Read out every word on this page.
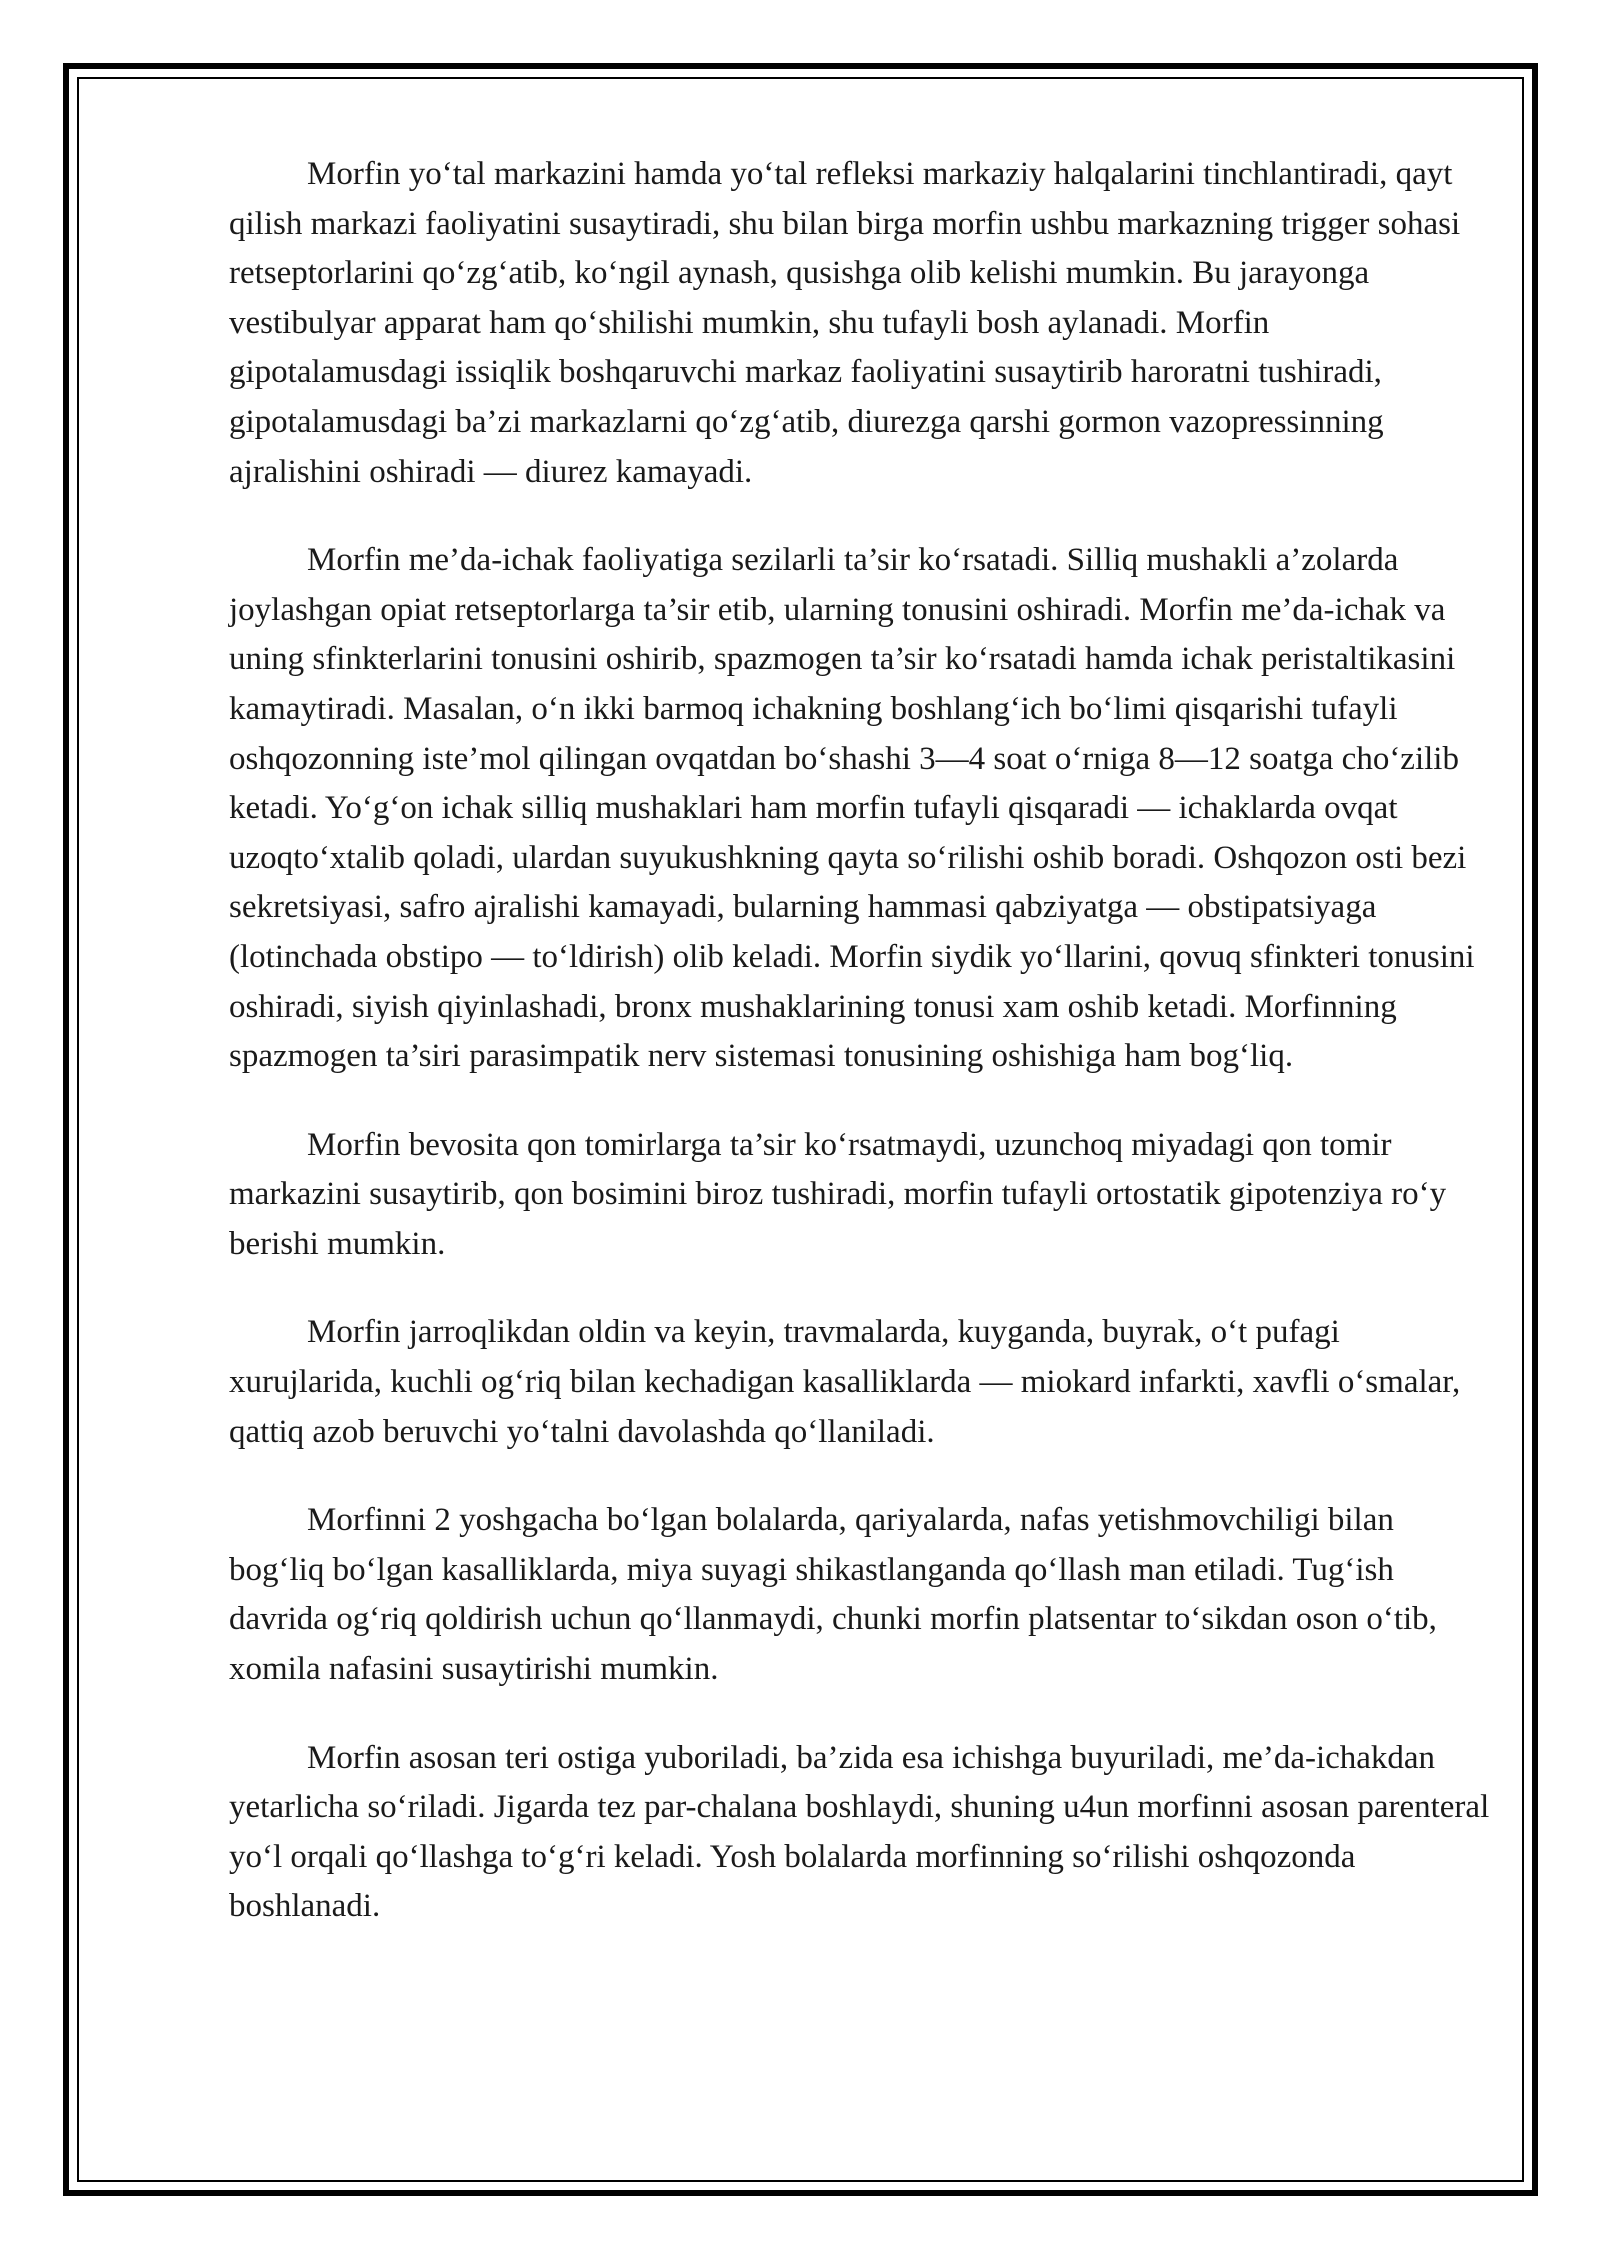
Morfin yo‘tal markazini hamda yo‘tal refleksi markaziy halqalarini tinchlantiradi, qayt qilish markazi faoliyatini susaytiradi, shu bilan birga morfin ushbu markazning trigger sohasi retseptorlarini qo‘zg‘atib, ko‘ngil aynash, qusishga olib kelishi mumkin. Bu jarayonga vestibulyar apparat ham qo‘shilishi mumkin, shu tufayli bosh aylanadi. Morfin gipotalamusdagi issiqlik boshqaruvchi markaz faoliyatini susaytirib haroratni tushiradi, gipotalamusdagi ba’zi markazlarni qo‘zg‘atib, diurezga qarshi gormon vazopressinning ajralishini oshiradi — diurez kamayadi.

Morfin me’da-ichak faoliyatiga sezilarli ta’sir ko‘rsatadi. Silliq mushakli a’zolarda joylashgan opiat retseptorlarga ta’sir etib, ularning tonusini oshiradi. Morfin me’da-ichak va uning sfinkterlarini tonusini oshirib, spazmogen ta’sir ko‘rsatadi hamda ichak peristaltikasini kamaytiradi. Masalan, o‘n ikki barmoq ichakning boshlang‘ich bo‘limi qisqarishi tufayli oshqozonning iste’mol qilingan ovqatdan bo‘shashi 3—4 soat o‘rniga 8—12 soatga cho‘zilib ketadi. Yo‘g‘on ichak silliq mushaklari ham morfin tufayli qisqaradi — ichaklarda ovqat uzoqto‘xtalib qoladi, ulardan suyukushkning qayta so‘rilishi oshib boradi. Oshqozon osti bezi sekretsiyasi, safro ajralishi kamayadi, bularning hammasi qabziyatga — obstipatsiyaga (lotinchada obstipo — to‘ldirish) olib keladi. Morfin siydik yo‘llarini, qovuq sfinkteri tonusini oshiradi, siyish qiyinlashadi, bronx mushaklarining tonusi xam oshib ketadi. Morfinning spazmogen ta’siri parasimpatik nerv sistemasi tonusining oshishiga ham bog‘liq.

Morfin bevosita qon tomirlarga ta’sir ko‘rsatmaydi, uzunchoq miyadagi qon tomir markazini susaytirib, qon bosimini biroz tushiradi, morfin tufayli ortostatik gipotenziya ro‘y berishi mumkin.

Morfin jarroqlikdan oldin va keyin, travmalarda, kuyganda, buyrak, o‘t pufagi xurujlarida, kuchli og‘riq bilan kechadigan kasalliklarda — miokard infarkti, xavfli o‘smalar, qattiq azob beruvchi yo‘talni davolashda qo‘llaniladi.

Morfinni 2 yoshgacha bo‘lgan bolalarda, qariyalarda, nafas yetishmovchiligi bilan bog‘liq bo‘lgan kasalliklarda, miya suyagi shikastlanganda qo‘llash man etiladi. Tug‘ish davrida og‘riq qoldirish uchun qo‘llanmaydi, chunki morfin platsentar to‘sikdan oson o‘tib, xomila nafasini susaytirishi mumkin.

Morfin asosan teri ostiga yuboriladi, ba’zida esa ichishga buyuriladi, me’da-ichakdan yetarlicha so‘riladi. Jigarda tez par-chalana boshlaydi, shuning u4un morfinni asosan parenteral yo‘l orqali qo‘llashga to‘g‘ri keladi. Yosh bolalarda morfinning so‘rilishi oshqozonda boshlanadi.
